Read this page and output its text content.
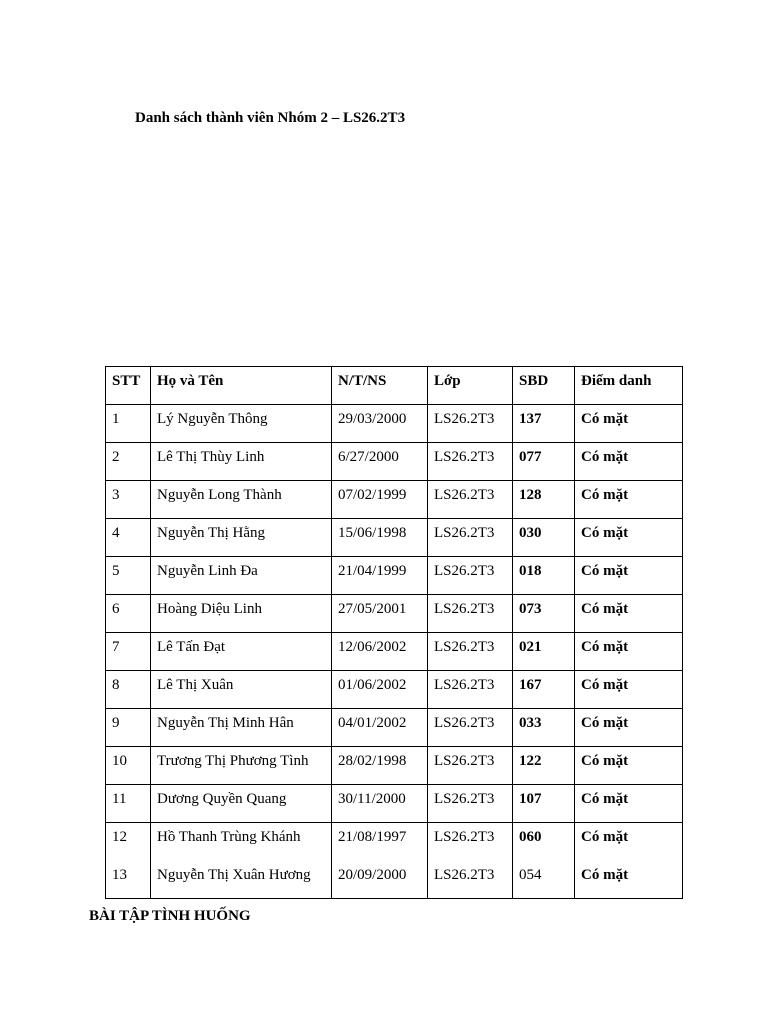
Danh sách thành viên Nhóm 2 – LS26.2T3
STT	Họ và Tên	N/T/NS	Lớp	SBD	Điểm danh
1	Lý Nguyễn Thông	29/03/2000	LS26.2T3	137	Có mặt
2	Lê Thị Thùy Linh	6/27/2000	LS26.2T3	077	Có mặt
3	Nguyễn Long Thành	07/02/1999	LS26.2T3	128	Có mặt
4	Nguyễn Thị Hằng	15/06/1998	LS26.2T3	030	Có mặt
5	Nguyễn Linh Đa	21/04/1999	LS26.2T3	018	Có mặt
6	Hoàng Diệu Linh	27/05/2001	LS26.2T3	073	Có mặt
7	Lê Tấn Đạt	12/06/2002	LS26.2T3	021	Có mặt
8	Lê Thị Xuân	01/06/2002	LS26.2T3	167	Có mặt
9	Nguyễn Thị Minh Hân	04/01/2002	LS26.2T3	033	Có mặt
10	Trương Thị Phương Tình	28/02/1998	LS26.2T3	122	Có mặt
11	Dương Quyền Quang	30/11/2000	LS26.2T3	107	Có mặt
12	Hồ Thanh Trùng Khánh	21/08/1997	LS26.2T3	060	Có mặt
13	Nguyễn Thị Xuân Hương	20/09/2000	LS26.2T3	054	Có mặt
BÀI TẬP TÌNH HUỐNG
